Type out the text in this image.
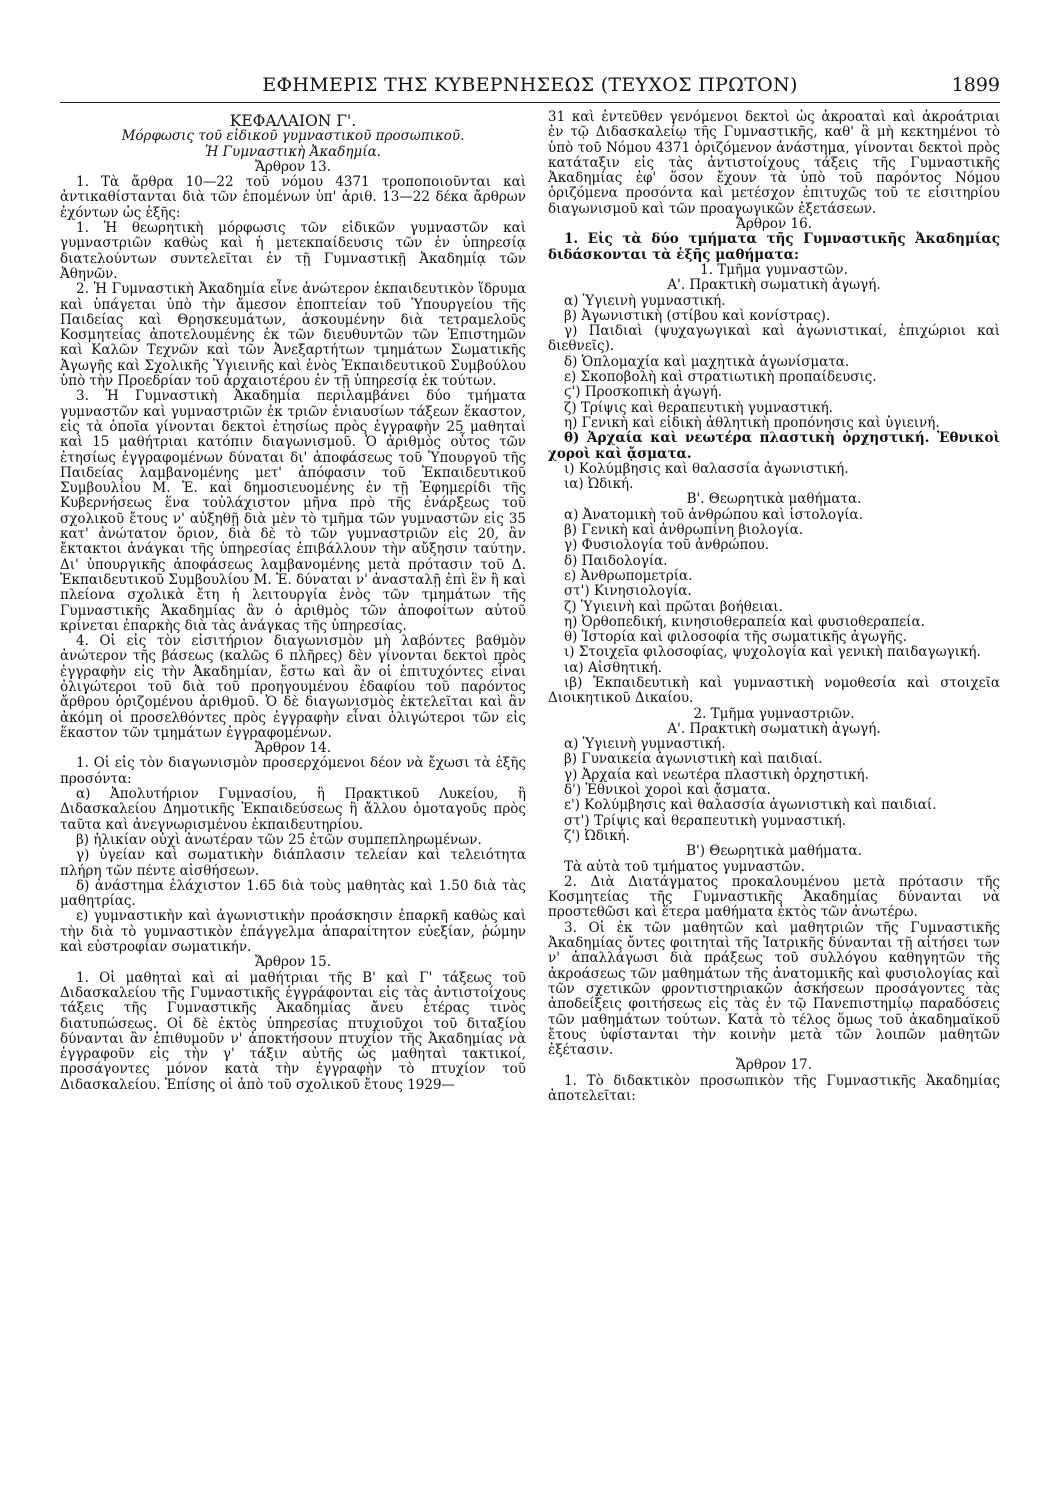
ΕΦΗΜΕΡΙΣ ΤΗΣ ΚΥΒΕΡΝΗΣΕΩΣ (ΤΕΥΧΟΣ ΠΡΩΤΟΝ)	1899

ΚΕΦΑΛΑΙΟΝ Γ'.

Μόρφωσις τοῦ εἰδικοῦ γυμναστικοῦ προσωπικοῦ.

Ἡ Γυμναστικὴ Ἀκαδημία.

Ἄρθρον 13.

1. Τὰ ἄρθρα 10—22 τοῦ νόμου 4371 τροποποιοῦνται καὶ ἀντικαθίστανται διὰ τῶν ἑπομένων ὑπ' ἀριθ. 13—22 δέκα ἄρθρων ἐχόντων ὡς ἑξῆς:

1. Ἡ θεωρητικὴ μόρφωσις τῶν εἰδικῶν γυμναστῶν καὶ γυμναστριῶν καθὼς καὶ ἡ μετεκπαίδευσις τῶν ἐν ὑπηρεσίᾳ διατελούντων συντελεῖται ἐν τῇ Γυμναστικῇ Ἀκαδημίᾳ τῶν Ἀθηνῶν.

2. Ἡ Γυμναστικὴ Ἀκαδημία εἶνε ἀνώτερον ἐκπαιδευτικὸν ἵδρυμα καὶ ὑπάγεται ὑπὸ τὴν ἄμεσον ἐποπτείαν τοῦ Ὑπουργείου τῆς Παιδείας καὶ Θρησκευμάτων, ἀσκουμένην διὰ τετραμελοῦς Κοσμητείας ἀποτελουμένης ἐκ τῶν διευθυντῶν τῶν Ἐπιστημῶν καὶ Καλῶν Τεχνῶν καὶ τῶν Ἀνεξαρτήτων τμημάτων Σωματικῆς Ἀγωγῆς καὶ Σχολικῆς Ὑγιεινῆς καὶ ἑνὸς Ἐκπαιδευτικοῦ Συμβούλου ὑπὸ τὴν Προεδρίαν τοῦ ἀρχαιοτέρου ἐν τῇ ὑπηρεσίᾳ ἐκ τούτων.

3. Ἡ Γυμναστικὴ Ἀκαδημία περιλαμβάνει δύο τμήματα γυμναστῶν καὶ γυμναστριῶν ἐκ τριῶν ἐνιαυσίων τάξεων ἕκαστον, εἰς τὰ ὁποῖα γίνονται δεκτοὶ ἐτησίως πρὸς ἐγγραφὴν 25 μαθηταὶ καὶ 15 μαθήτριαι κατόπιν διαγωνισμοῦ. Ὁ ἀριθμὸς οὗτος τῶν ἐτησίως ἐγγραφομένων δύναται δι' ἀποφάσεως τοῦ Ὑπουργοῦ τῆς Παιδείας λαμβανομένης μετ' ἀπόφασιν τοῦ Ἐκπαιδευτικοῦ Συμβουλίου Μ. Ἐ. καὶ δημοσιευομένης ἐν τῇ Ἐφημερίδι τῆς Κυβερνήσεως ἕνα τοὐλάχιστον μῆνα πρὸ τῆς ἐνάρξεως τοῦ σχολικοῦ ἔτους ν' αὐξηθῇ διὰ μὲν τὸ τμῆμα τῶν γυμναστῶν εἰς 35 κατ' ἀνώτατον ὅριον, διὰ δὲ τὸ τῶν γυμναστριῶν εἰς 20, ἂν ἔκτακτοι ἀνάγκαι τῆς ὑπηρεσίας ἐπιβάλλουν τὴν αὔξησιν ταύτην. Δι' ὑπουργικῆς ἀποφάσεως λαμβανομένης μετὰ πρότασιν τοῦ Δ. Ἐκπαιδευτικοῦ Συμβουλίου Μ. Ἐ. δύναται ν' ἀνασταλῇ ἐπὶ ἓν ἢ καὶ πλείονα σχολικὰ ἔτη ἡ λειτουργία ἑνὸς τῶν τμημάτων τῆς Γυμναστικῆς Ἀκαδημίας ἂν ὁ ἀριθμὸς τῶν ἀποφοίτων αὐτοῦ κρίνεται ἐπαρκὴς διὰ τὰς ἀνάγκας τῆς ὑπηρεσίας.

4. Οἱ εἰς τὸν εἰσιτήριον διαγωνισμὸν μὴ λαβόντες βαθμὸν ἀνώτερον τῆς βάσεως (καλῶς 6 πλῆρες) δὲν γίνονται δεκτοὶ πρὸς ἐγγραφὴν εἰς τὴν Ἀκαδημίαν, ἔστω καὶ ἂν οἱ ἐπιτυχόντες εἶναι ὀλιγώτεροι τοῦ διὰ τοῦ προηγουμένου ἐδαφίου τοῦ παρόντος ἄρθρου ὁριζομένου ἀριθμοῦ. Ὁ δὲ διαγωνισμὸς ἐκτελεῖται καὶ ἂν ἀκόμη οἱ προσελθόντες πρὸς ἐγγραφὴν εἶναι ὀλιγώτεροι τῶν εἰς ἕκαστον τῶν τμημάτων ἐγγραφομένων.

Ἄρθρον 14.

1. Οἱ εἰς τὸν διαγωνισμὸν προσερχόμενοι δέον νὰ ἔχωσι τὰ ἑξῆς προσόντα:

α) Ἀπολυτήριον Γυμνασίου, ἢ Πρακτικοῦ Λυκείου, ἢ Διδασκαλείου Δημοτικῆς Ἐκπαιδεύσεως ἢ ἄλλου ὁμοταγοῦς πρὸς ταῦτα καὶ ἀνεγνωρισμένου ἐκπαιδευτηρίου.

β) ἡλικίαν οὐχὶ ἀνωτέραν τῶν 25 ἐτῶν συμπεπληρωμένων.

γ) ὑγείαν καὶ σωματικὴν διάπλασιν τελείαν καὶ τελειότητα πλήρη τῶν πέντε αἰσθήσεων.

δ) ἀνάστημα ἐλάχιστον 1.65 διὰ τοὺς μαθητὰς καὶ 1.50 διὰ τὰς μαθητρίας.

ε) γυμναστικὴν καὶ ἀγωνιστικὴν προάσκησιν ἐπαρκῆ καθὼς καὶ τὴν διὰ τὸ γυμναστικὸν ἐπάγγελμα ἀπαραίτητον εὐεξίαν, ῥώμην καὶ εὐστροφίαν σωματικήν.

Ἄρθρον 15.

1. Οἱ μαθηταὶ καὶ αἱ μαθήτριαι τῆς Β' καὶ Γ' τάξεως τοῦ Διδασκαλείου τῆς Γυμναστικῆς ἐγγράφονται εἰς τὰς ἀντιστοίχους τάξεις τῆς Γυμναστικῆς Ἀκαδημίας ἄνευ ἑτέρας τινὸς διατυπώσεως. Οἱ δὲ ἐκτὸς ὑπηρεσίας πτυχιοῦχοι τοῦ διταξίου δύνανται ἂν ἐπιθυμοῦν ν' ἀποκτήσουν πτυχίον τῆς Ἀκαδημίας νὰ ἐγγραφοῦν εἰς τὴν γ' τάξιν αὐτῆς ὡς μαθηταὶ τακτικοί, προσάγοντες μόνον κατὰ τὴν ἐγγραφὴν τὸ πτυχίον τοῦ Διδασκαλείου. Ἐπίσης οἱ ἀπὸ τοῦ σχολικοῦ ἔτους 1929—

31 καὶ ἐντεῦθεν γενόμενοι δεκτοὶ ὡς ἀκροαταὶ καὶ ἀκροάτριαι ἐν τῷ Διδασκαλείῳ τῆς Γυμναστικῆς, καθ' ἃ μὴ κεκτημένοι τὸ ὑπὸ τοῦ Νόμου 4371 ὁριζόμενον ἀνάστημα, γίνονται δεκτοὶ πρὸς κατάταξιν εἰς τὰς ἀντιστοίχους τάξεις τῆς Γυμναστικῆς Ἀκαδημίας ἐφ' ὅσον ἔχουν τὰ ὑπὸ τοῦ παρόντος Νόμου ὁριζόμενα προσόντα καὶ μετέσχον ἐπιτυχῶς τοῦ τε εἰσιτηρίου διαγωνισμοῦ καὶ τῶν προαγωγικῶν ἐξετάσεων.

Ἄρθρον 16.

1. Εἰς τὰ δύο τμήματα τῆς Γυμναστικῆς Ἀκαδημίας διδάσκονται τὰ ἑξῆς μαθήματα:

1. Τμῆμα γυμναστῶν.

Α'. Πρακτικὴ σωματικὴ ἀγωγή.

α) Ὑγιεινὴ γυμναστική.

β) Ἀγωνιστικὴ (στίβου καὶ κονίστρας).

γ) Παιδιαὶ (ψυχαγωγικαὶ καὶ ἀγωνιστικαί, ἐπιχώριοι καὶ διεθνεῖς).

δ) Ὁπλομαχία καὶ μαχητικὰ ἀγωνίσματα.

ε) Σκοποβολὴ καὶ στρατιωτικὴ προπαίδευσις.

ϛ') Προσκοπικὴ ἀγωγή.

ζ) Τρίψις καὶ θεραπευτικὴ γυμναστική.

η) Γενικὴ καὶ εἰδικὴ ἀθλητικὴ προπόνησις καὶ ὑγιεινή.

θ) Ἀρχαία καὶ νεωτέρα πλαστικὴ ὀρχηστική. Ἐθνικοὶ χοροὶ καὶ ᾄσματα.

ι) Κολύμβησις καὶ θαλασσία ἀγωνιστική.

ια) Ὠδική.

Β'. Θεωρητικὰ μαθήματα.

α) Ἀνατομικὴ τοῦ ἀνθρώπου καὶ ἱστολογία.

β) Γενικὴ καὶ ἀνθρωπίνη βιολογία.

γ) Φυσιολογία τοῦ ἀνθρώπου.

δ) Παιδολογία.

ε) Ἀνθρωπομετρία.

στ') Κινησιολογία.

ζ) Ὑγιεινὴ καὶ πρῶται βοήθειαι.

η) Ὀρθοπεδική, κινησιοθεραπεία καὶ φυσιοθεραπεία.

θ) Ἱστορία καὶ φιλοσοφία τῆς σωματικῆς ἀγωγῆς.

ι) Στοιχεῖα φιλοσοφίας, ψυχολογία καὶ γενικὴ παιδαγωγική.

ια) Αἰσθητική.

ιβ) Ἐκπαιδευτικὴ καὶ γυμναστικὴ νομοθεσία καὶ στοιχεῖα Διοικητικοῦ Δικαίου.

2. Τμῆμα γυμναστριῶν.

Α'. Πρακτικὴ σωματικὴ ἀγωγή.

α) Ὑγιεινὴ γυμναστική.

β) Γυναικεία ἀγωνιστικὴ καὶ παιδιαί.

γ) Ἀρχαία καὶ νεωτέρα πλαστικὴ ὀρχηστική.

δ') Ἐθνικοὶ χοροὶ καὶ ᾄσματα.

ε') Κολύμβησις καὶ θαλασσία ἀγωνιστικὴ καὶ παιδιαί.

στ') Τρίψις καὶ θεραπευτικὴ γυμναστική.

ζ') Ὠδική.

Β') Θεωρητικὰ μαθήματα.

Τὰ αὐτὰ τοῦ τμήματος γυμναστῶν.

2. Διὰ Διατάγματος προκαλουμένου μετὰ πρότασιν τῆς Κοσμητείας τῆς Γυμναστικῆς Ἀκαδημίας δύνανται νὰ προστεθῶσι καὶ ἕτερα μαθήματα ἐκτὸς τῶν ἀνωτέρω.

3. Οἱ ἐκ τῶν μαθητῶν καὶ μαθητριῶν τῆς Γυμναστικῆς Ἀκαδημίας ὄντες φοιτηταὶ τῆς Ἰατρικῆς δύνανται τῇ αἰτήσει των ν' ἀπαλλάγωσι διὰ πράξεως τοῦ συλλόγου καθηγητῶν τῆς ἀκροάσεως τῶν μαθημάτων τῆς ἀνατομικῆς καὶ φυσιολογίας καὶ τῶν σχετικῶν φροντιστηριακῶν ἀσκήσεων προσάγοντες τὰς ἀποδείξεις φοιτήσεως εἰς τὰς ἐν τῷ Πανεπιστημίῳ παραδόσεις τῶν μαθημάτων τούτων. Κατὰ τὸ τέλος ὅμως τοῦ ἀκαδημαϊκοῦ ἔτους ὑφίστανται τὴν κοινὴν μετὰ τῶν λοιπῶν μαθητῶν ἐξέτασιν.

Ἄρθρον 17.

1. Τὸ διδακτικὸν προσωπικὸν τῆς Γυμναστικῆς Ἀκαδημίας ἀποτελεῖται:
